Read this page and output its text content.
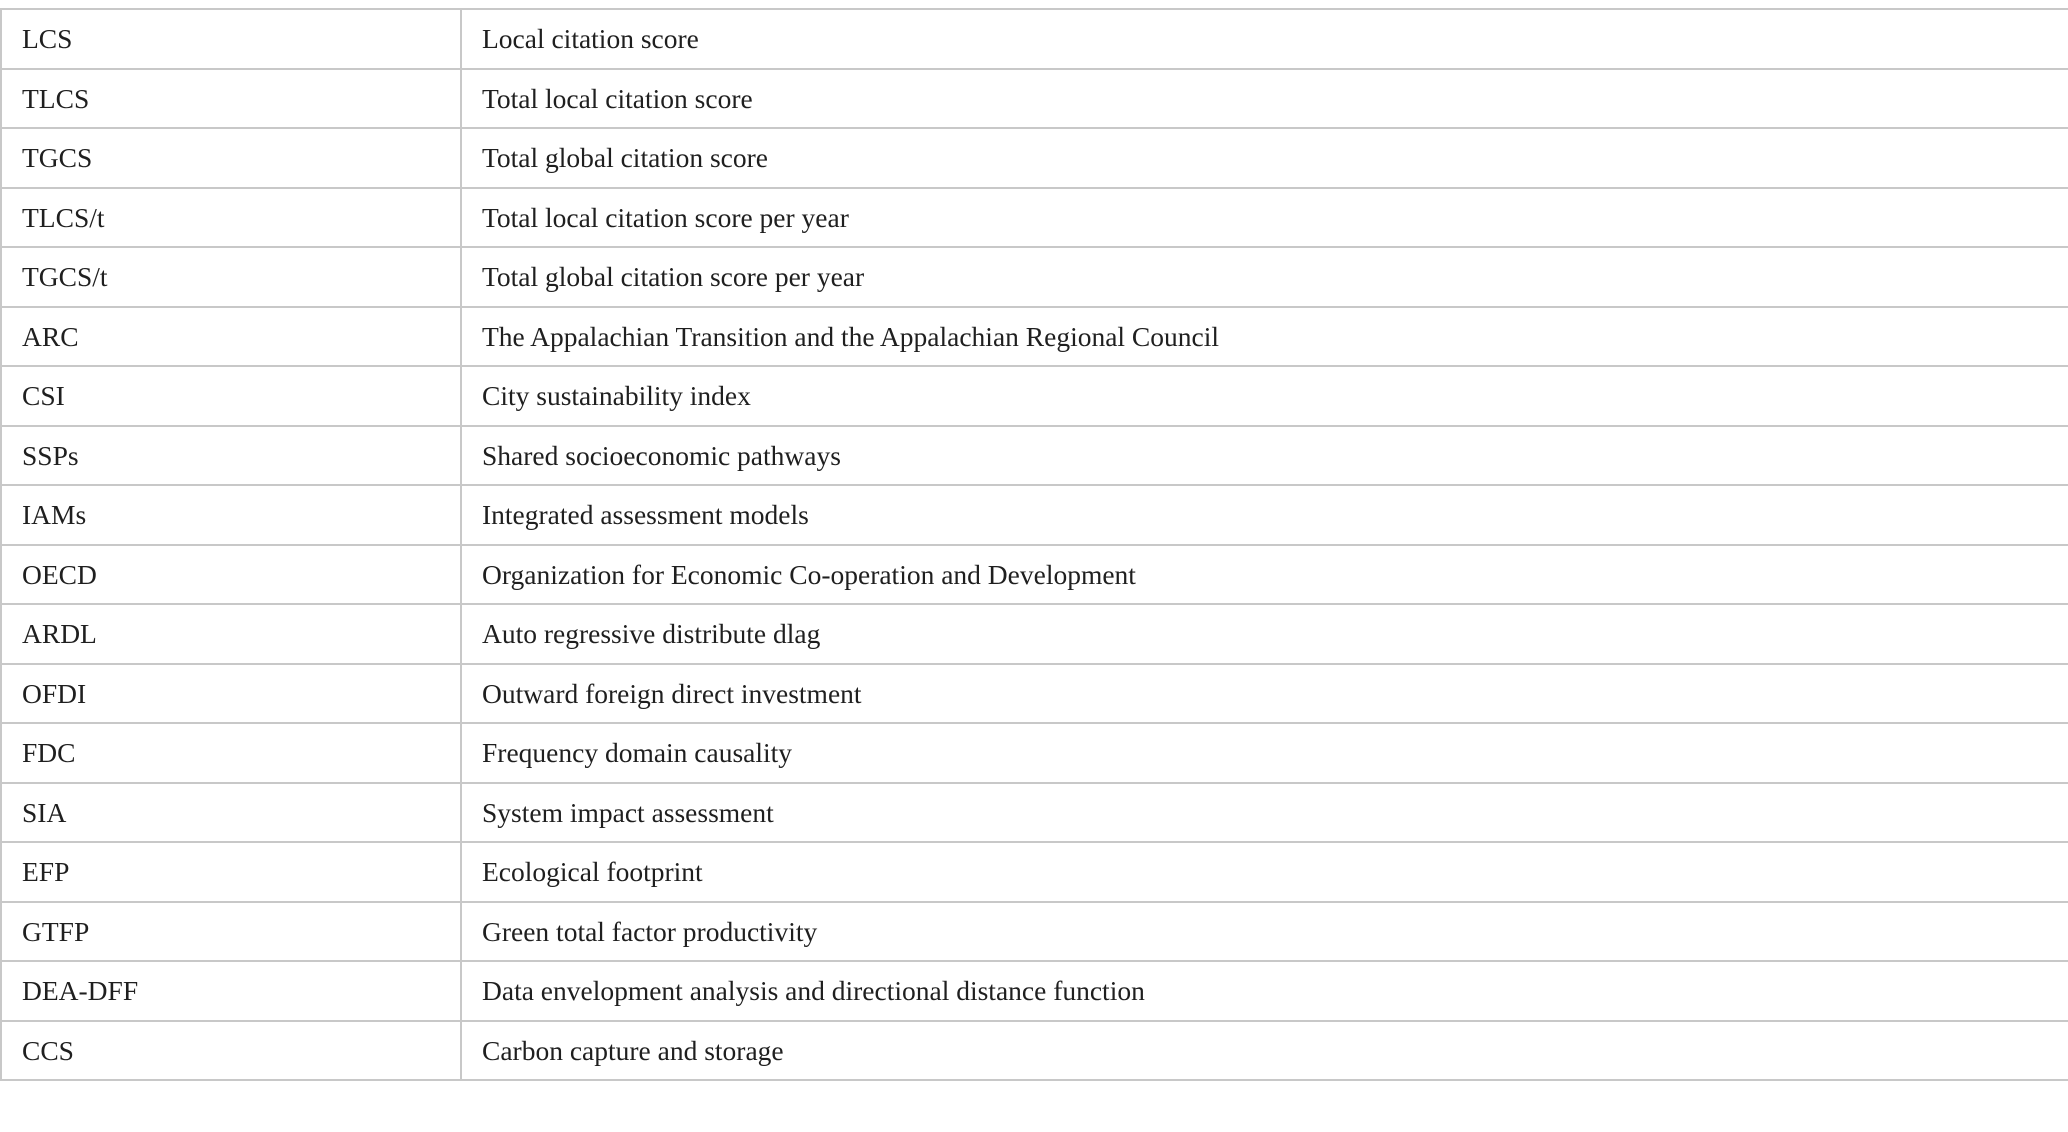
LCS	Local citation score
TLCS	Total local citation score
TGCS	Total global citation score
TLCS/t	Total local citation score per year
TGCS/t	Total global citation score per year
ARC	The Appalachian Transition and the Appalachian Regional Council
CSI	City sustainability index
SSPs	Shared socioeconomic pathways
IAMs	Integrated assessment models
OECD	Organization for Economic Co-operation and Development
ARDL	Auto regressive distribute dlag
OFDI	Outward foreign direct investment
FDC	Frequency domain causality
SIA	System impact assessment
EFP	Ecological footprint
GTFP	Green total factor productivity
DEA-DFF	Data envelopment analysis and directional distance function
CCS	Carbon capture and storage
